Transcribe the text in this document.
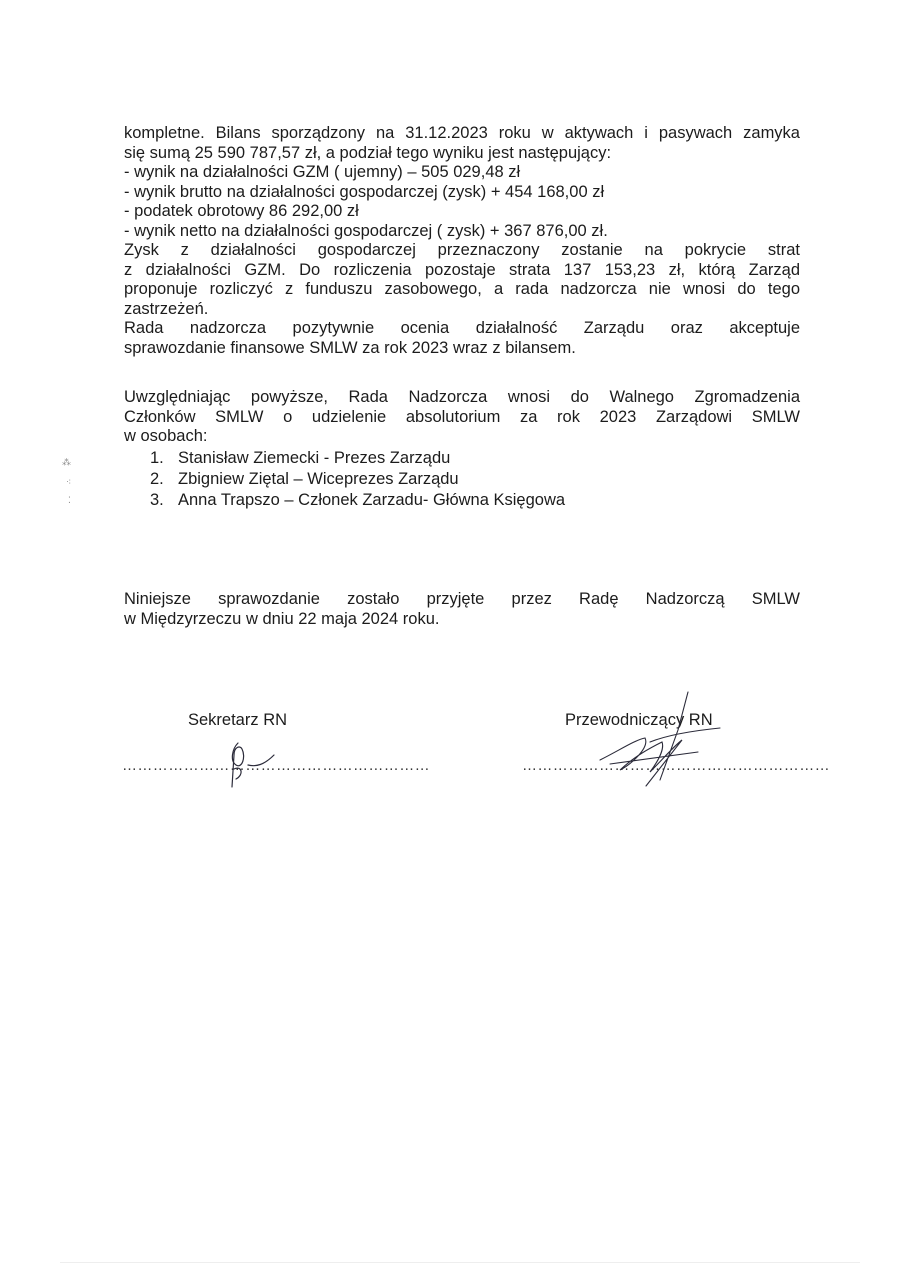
⁂
⁖
⁚
kompletne. Bilans sporządzony na 31.12.2023 roku w aktywach i pasywach zamyka
się sumą 25 590 787,57 zł, a podział tego wyniku jest następujący:
- wynik na działalności GZM ( ujemny) – 505 029,48 zł
- wynik brutto na działalności gospodarczej (zysk) + 454 168,00 zł
- podatek obrotowy 86 292,00 zł
- wynik netto na działalności gospodarczej ( zysk) + 367 876,00 zł.
Zysk z działalności gospodarczej przeznaczony zostanie na pokrycie strat
z działalności GZM. Do rozliczenia pozostaje strata 137 153,23 zł, którą Zarząd
proponuje rozliczyć z funduszu zasobowego, a rada nadzorcza nie wnosi do tego
zastrzeżeń.
Rada nadzorcza pozytywnie ocenia działalność Zarządu oraz akceptuje
sprawozdanie finansowe SMLW za rok 2023 wraz z bilansem.
Uwzględniając powyższe, Rada Nadzorcza wnosi do Walnego Zgromadzenia
Członków SMLW o udzielenie absolutorium za rok 2023 Zarządowi SMLW
w osobach:
1. Stanisław Ziemecki - Prezes Zarządu
2. Zbigniew Ziętal – Wiceprezes Zarządu
3. Anna Trapszo – Członek Zarzadu- Główna Księgowa
Niniejsze sprawozdanie zostało przyjęte przez Radę Nadzorczą SMLW
w Międzyrzeczu w dniu 22 maja 2024 roku.
Sekretarz RN	Przewodniczący RN
……………………………………………………	……………………………………………………
